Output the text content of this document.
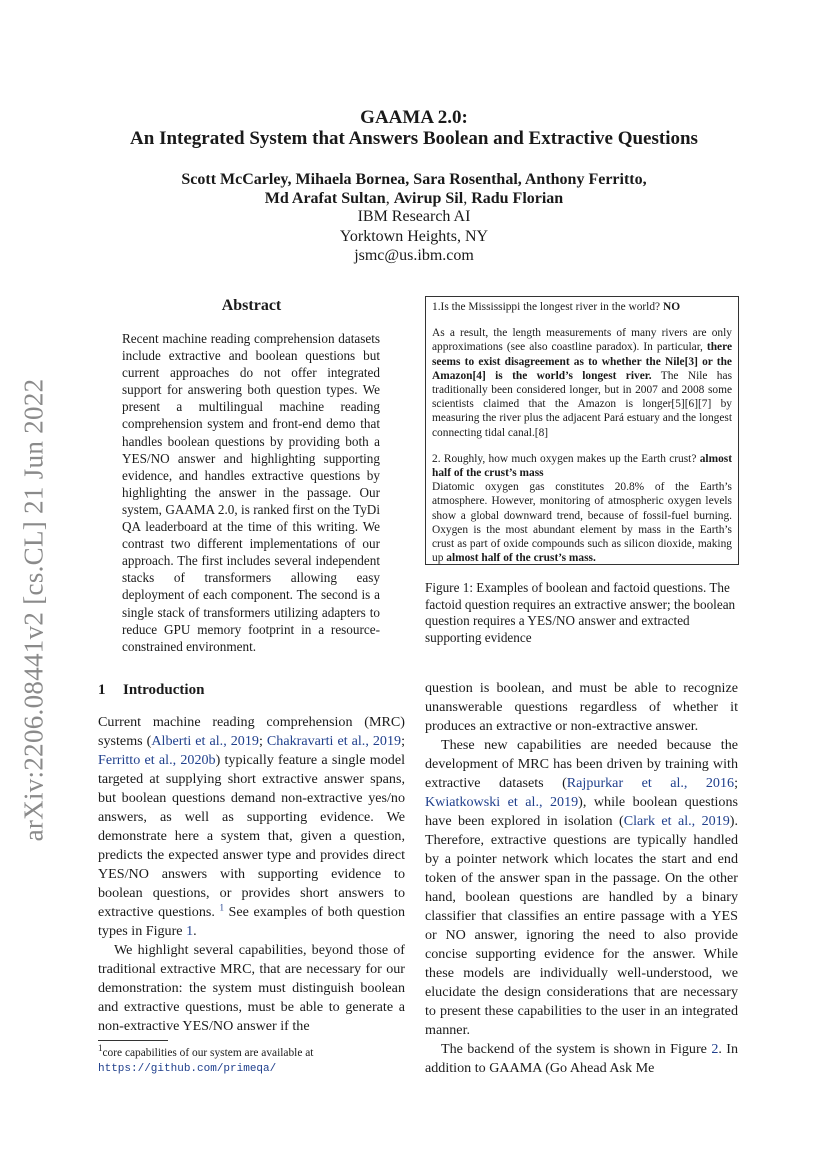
arXiv:2206.08441v2 [cs.CL] 21 Jun 2022
GAAMA 2.0:
An Integrated System that Answers Boolean and Extractive Questions
Scott McCarley, Mihaela Bornea, Sara Rosenthal, Anthony Ferritto,
Md Arafat Sultan, Avirup Sil, Radu Florian
IBM Research AI
Yorktown Heights, NY
jsmc@us.ibm.com
Abstract

Recent machine reading comprehension datasets include extractive and boolean questions but current approaches do not offer integrated support for answering both question types. We present a multilingual machine reading comprehension system and front-end demo that handles boolean questions by providing both a YES/NO answer and highlighting supporting evidence, and handles extractive questions by highlighting the answer in the passage. Our system, GAAMA 2.0, is ranked first on the TyDi QA leaderboard at the time of this writing. We contrast two different implementations of our approach. The first includes several independent stacks of transformers allowing easy deployment of each component. The second is a single stack of transformers utilizing adapters to reduce GPU memory footprint in a resource-constrained environment.

1.Is the Mississippi the longest river in the world? NO

As a result, the length measurements of many rivers are only approximations (see also coastline paradox). In particular, there seems to exist disagreement as to whether the Nile[3] or the Amazon[4] is the world’s longest river. The Nile has traditionally been considered longer, but in 2007 and 2008 some scientists claimed that the Amazon is longer[5][6][7] by measuring the river plus the adjacent Pará estuary and the longest connecting tidal canal.[8]

2. Roughly, how much oxygen makes up the Earth crust? almost half of the crust’s mass

Diatomic oxygen gas constitutes 20.8% of the Earth’s atmosphere. However, monitoring of atmospheric oxygen levels show a global downward trend, because of fossil-fuel burning. Oxygen is the most abundant element by mass in the Earth’s crust as part of oxide compounds such as silicon dioxide, making up almost half of the crust’s mass.

Figure 1: Examples of boolean and factoid questions. The factoid question requires an extractive answer; the boolean question requires a YES/NO answer and extracted supporting evidence
1 Introduction

Current machine reading comprehension (MRC) systems (Alberti et al., 2019; Chakravarti et al., 2019; Ferritto et al., 2020b) typically feature a single model targeted at supplying short extractive answer spans, but boolean questions demand non-extractive yes/no answers, as well as supporting evidence. We demonstrate here a system that, given a question, predicts the expected answer type and provides direct YES/NO answers with supporting evidence to boolean questions, or provides short answers to extractive questions. $^1$ See examples of both question types in Figure 1.

We highlight several capabilities, beyond those of traditional extractive MRC, that are necessary for our demonstration: the system must distinguish boolean and extractive questions, must be able to generate a non-extractive YES/NO answer if the

question is boolean, and must be able to recognize unanswerable questions regardless of whether it produces an extractive or non-extractive answer.

These new capabilities are needed because the development of MRC has been driven by training with extractive datasets (Rajpurkar et al., 2016; Kwiatkowski et al., 2019), while boolean questions have been explored in isolation (Clark et al., 2019). Therefore, extractive questions are typically handled by a pointer network which locates the start and end token of the answer span in the passage. On the other hand, boolean questions are handled by a binary classifier that classifies an entire passage with a YES or NO answer, ignoring the need to also provide concise supporting evidence for the answer. While these models are individually well-understood, we elucidate the design considerations that are necessary to present these capabilities to the user in an integrated manner.

The backend of the system is shown in Figure 2. In addition to GAAMA (Go Ahead Ask Me

$^1$core capabilities of our system are available at https://github.com/primeqa/
